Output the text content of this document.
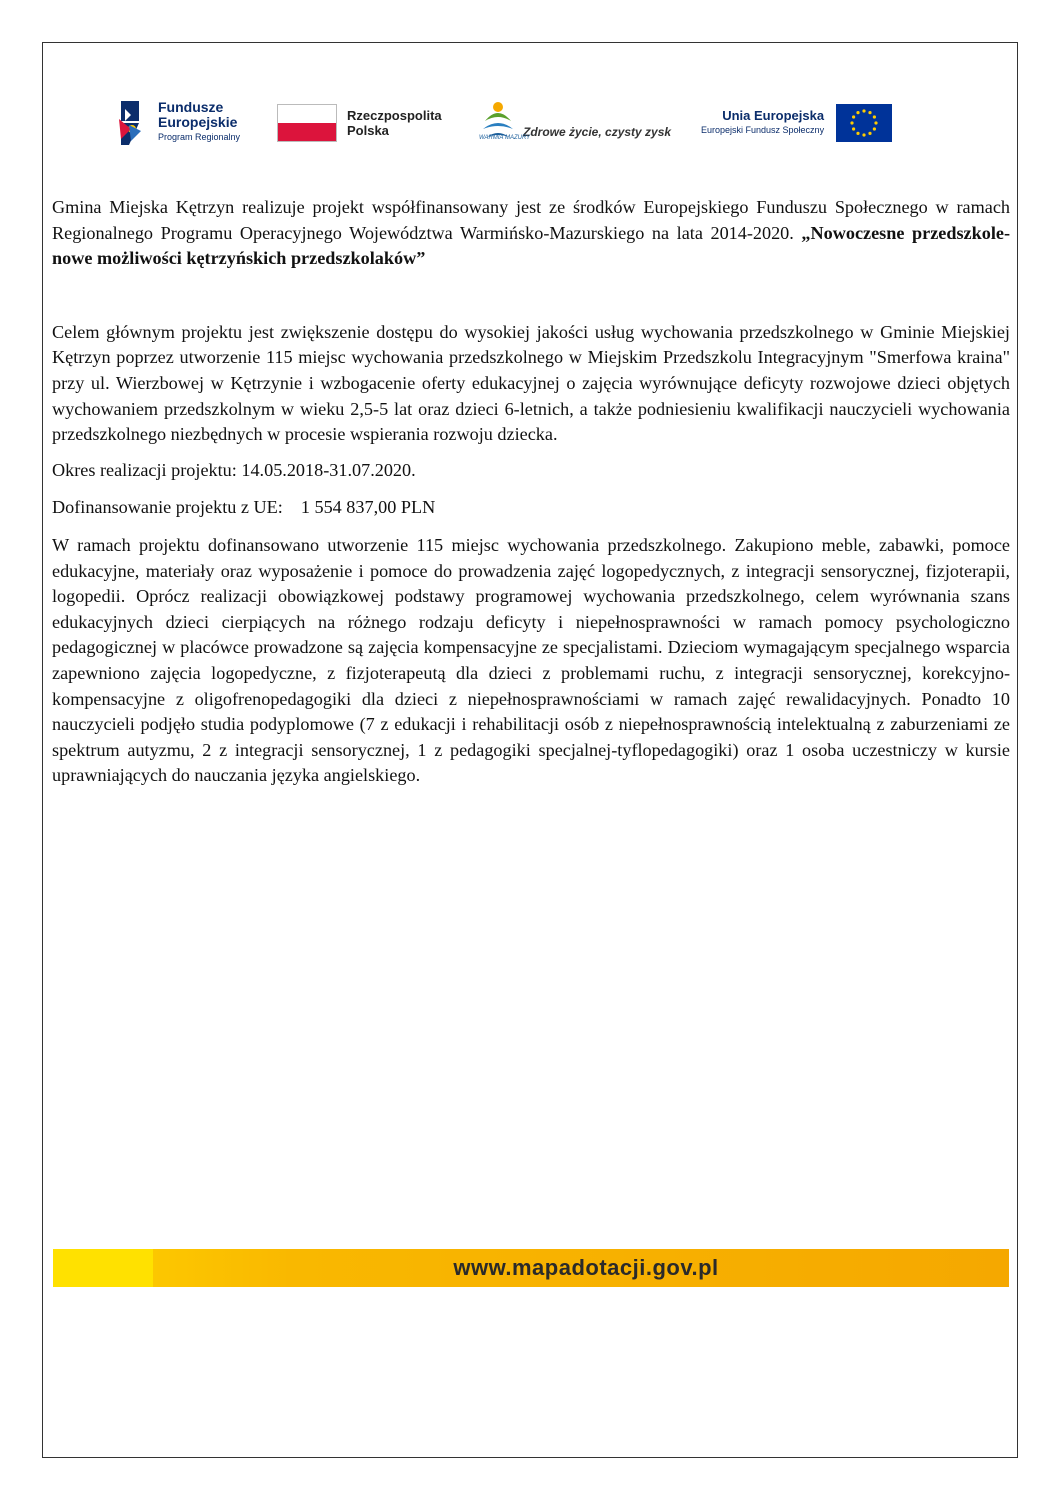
Fundusze
Europejskie
Program Regionalny
Rzeczpospolita
Polska	Zdrowe życie, czysty zysk
WARMIA MAZURY
Unia Europejska
Europejski Fundusz Społeczny

Gmina Miejska Kętrzyn realizuje projekt współfinansowany jest ze środków Europejskiego Funduszu Społecznego w ramach Regionalnego Programu Operacyjnego Województwa Warmińsko-Mazurskiego na lata 2014-2020. „Nowoczesne przedszkole- nowe możliwości kętrzyńskich przedszkolaków”

Celem głównym projektu jest zwiększenie dostępu do wysokiej jakości usług wychowania przedszkolnego w Gminie Miejskiej Kętrzyn poprzez utworzenie 115 miejsc wychowania przedszkolnego w Miejskim Przedszkolu Integracyjnym "Smerfowa kraina" przy ul. Wierzbowej w Kętrzynie i wzbogacenie oferty edukacyjnej o zajęcia wyrównujące deficyty rozwojowe dzieci objętych wychowaniem przedszkolnym w wieku 2,5-5 lat oraz dzieci 6-letnich, a także podniesieniu kwalifikacji nauczycieli wychowania przedszkolnego niezbędnych w procesie wspierania rozwoju dziecka.

Okres realizacji projektu: 14.05.2018-31.07.2020.

Dofinansowanie projektu z UE: 1 554 837,00 PLN

W ramach projektu dofinansowano utworzenie 115 miejsc wychowania przedszkolnego. Zakupiono meble, zabawki, pomoce edukacyjne, materiały oraz wyposażenie i pomoce do prowadzenia zajęć logopedycznych, z integracji sensorycznej, fizjoterapii, logopedii. Oprócz realizacji obowiązkowej podstawy programowej wychowania przedszkolnego, celem wyrównania szans edukacyjnych dzieci cierpiących na różnego rodzaju deficyty i niepełnosprawności w ramach pomocy psychologiczno pedagogicznej w placówce prowadzone są zajęcia kompensacyjne ze specjalistami. Dzieciom wymagającym specjalnego wsparcia zapewniono zajęcia logopedyczne, z fizjoterapeutą dla dzieci z problemami ruchu, z integracji sensorycznej, korekcyjno-kompensacyjne z oligofrenopedagogiki dla dzieci z niepełnosprawnościami w ramach zajęć rewalidacyjnych. Ponadto 10 nauczycieli podjęło studia podyplomowe (7 z edukacji i rehabilitacji osób z niepełnosprawnością intelektualną z zaburzeniami ze spektrum autyzmu, 2 z integracji sensorycznej, 1 z pedagogiki specjalnej-tyflopedagogiki) oraz 1 osoba uczestniczy w kursie uprawniających do nauczania języka angielskiego.

www.mapadotacji.gov.pl
